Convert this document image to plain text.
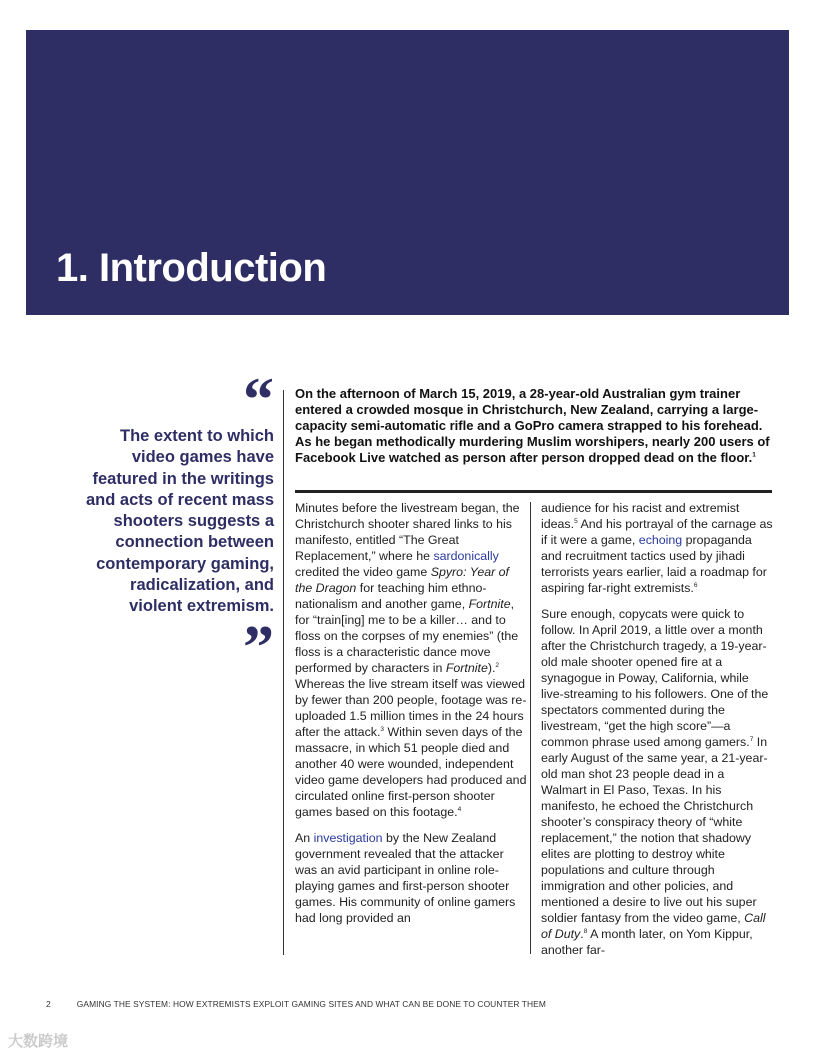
1. Introduction
“

The extent to which video games have featured in the writings and acts of recent mass shooters suggests a connection between contemporary gaming, radicalization, and violent extremism.

”

On the afternoon of March 15, 2019, a 28-year-old Australian gym trainer entered a crowded mosque in Christchurch, New Zealand, carrying a large-capacity semi-automatic rifle and a GoPro camera strapped to his forehead. As he began methodically murdering Muslim worshipers, nearly 200 users of Facebook Live watched as person after person dropped dead on the floor.$^1$

Minutes before the livestream began, the Christchurch shooter shared links to his manifesto, entitled “The Great Replacement,” where he sardonically credited the video game Spyro: Year of the Dragon for teaching him ethno-nationalism and another game, Fortnite, for “train[ing] me to be a killer… and to floss on the corpses of my enemies” (the floss is a characteristic dance move performed by characters in Fortnite).$^2$ Whereas the live stream itself was viewed by fewer than 200 people, footage was re-uploaded 1.5 million times in the 24 hours after the attack.$^3$ Within seven days of the massacre, in which 51 people died and another 40 were wounded, independent video game developers had produced and circulated online first-person shooter games based on this footage.$^4$

An investigation by the New Zealand government revealed that the attacker was an avid participant in online role-playing games and first-person shooter games. His community of online gamers had long provided an

audience for his racist and extremist ideas.$^5$ And his portrayal of the carnage as if it were a game, echoing propaganda and recruitment tactics used by jihadi terrorists years earlier, laid a roadmap for aspiring far-right extremists.$^6$

Sure enough, copycats were quick to follow. In April 2019, a little over a month after the Christchurch tragedy, a 19-year-old male shooter opened fire at a synagogue in Poway, California, while live-streaming to his followers. One of the spectators commented during the livestream, “get the high score”—a common phrase used among gamers.$^7$ In early August of the same year, a 21-year-old man shot 23 people dead in a Walmart in El Paso, Texas. In his manifesto, he echoed the Christchurch shooter’s conspiracy theory of “white replacement,” the notion that shadowy elites are plotting to destroy white populations and culture through immigration and other policies, and mentioned a desire to live out his super soldier fantasy from the video game, Call of Duty.$^8$ A month later, on Yom Kippur, another far-

2	GAMING THE SYSTEM: HOW EXTREMISTS EXPLOIT GAMING SITES AND WHAT CAN BE DONE TO COUNTER THEM
大数跨境
